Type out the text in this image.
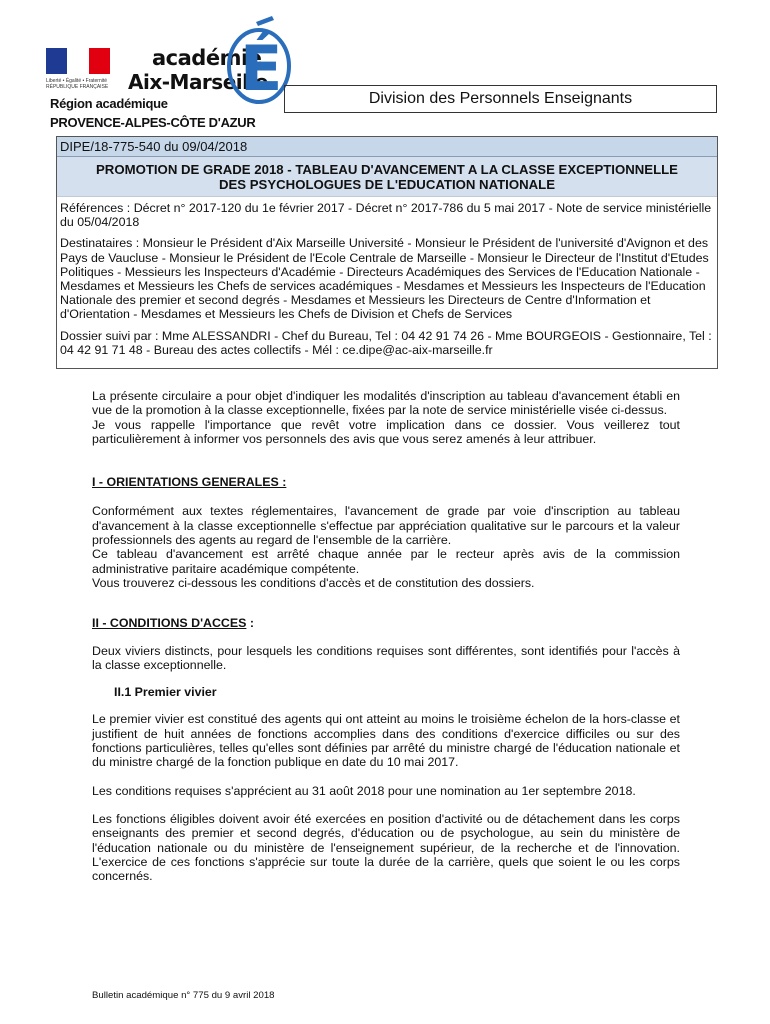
Liberté • Égalité • Fraternité RÉPUBLIQUE FRANÇAISE
académie
Aix-Marseille
É
Région académique
PROVENCE-ALPES-CÔTE D'AZUR
Division des Personnels Enseignants
DIPE/18-775-540 du 09/04/2018
PROMOTION DE GRADE 2018 - TABLEAU D'AVANCEMENT A LA CLASSE EXCEPTIONNELLE
DES PSYCHOLOGUES DE L'EDUCATION NATIONALE

Références : Décret n° 2017-120 du 1e février 2017 - Décret n° 2017-786 du 5 mai 2017 - Note de service ministérielle du 05/04/2018

Destinataires : Monsieur le Président d'Aix Marseille Université - Monsieur le Président de l'université d'Avignon et des Pays de Vaucluse - Monsieur le Président de l'Ecole Centrale de Marseille - Monsieur le Directeur de l'Institut d'Etudes Politiques - Messieurs les Inspecteurs d'Académie - Directeurs Académiques des Services de l'Education Nationale - Mesdames et Messieurs les Chefs de services académiques - Mesdames et Messieurs les Inspecteurs de l'Education Nationale des premier et second degrés - Mesdames et Messieurs les Directeurs de Centre d'Information et d'Orientation - Mesdames et Messieurs les Chefs de Division et Chefs de Services

Dossier suivi par : Mme ALESSANDRI - Chef du Bureau, Tel : 04 42 91 74 26 - Mme BOURGEOIS - Gestionnaire, Tel : 04 42 91 71 48 - Bureau des actes collectifs - Mél : ce.dipe@ac-aix-marseille.fr

La présente circulaire a pour objet d'indiquer les modalités d'inscription au tableau d'avancement établi en vue de la promotion à la classe exceptionnelle, fixées par la note de service ministérielle visée ci-dessus.

Je vous rappelle l'importance que revêt votre implication dans ce dossier. Vous veillerez tout particulièrement à informer vos personnels des avis que vous serez amenés à leur attribuer.

I - ORIENTATIONS GENERALES :

Conformément aux textes réglementaires, l'avancement de grade par voie d'inscription au tableau d'avancement à la classe exceptionnelle s'effectue par appréciation qualitative sur le parcours et la valeur professionnels des agents au regard de l'ensemble de la carrière.

Ce tableau d'avancement est arrêté chaque année par le recteur après avis de la commission administrative paritaire académique compétente.

Vous trouverez ci-dessous les conditions d'accès et de constitution des dossiers.

II - CONDITIONS D'ACCES :

Deux viviers distincts, pour lesquels les conditions requises sont différentes, sont identifiés pour l'accès à la classe exceptionnelle.

II.1 Premier vivier

Le premier vivier est constitué des agents qui ont atteint au moins le troisième échelon de la hors-classe et justifient de huit années de fonctions accomplies dans des conditions d'exercice difficiles ou sur des fonctions particulières, telles qu'elles sont définies par arrêté du ministre chargé de l'éducation nationale et du ministre chargé de la fonction publique en date du 10 mai 2017.

Les conditions requises s'apprécient au 31 août 2018 pour une nomination au 1er septembre 2018.

Les fonctions éligibles doivent avoir été exercées en position d'activité ou de détachement dans les corps enseignants des premier et second degrés, d'éducation ou de psychologue, au sein du ministère de l'éducation nationale ou du ministère de l'enseignement supérieur, de la recherche et de l'innovation. L'exercice de ces fonctions s'apprécie sur toute la durée de la carrière, quels que soient le ou les corps concernés.

Bulletin académique n° 775 du 9 avril 2018
